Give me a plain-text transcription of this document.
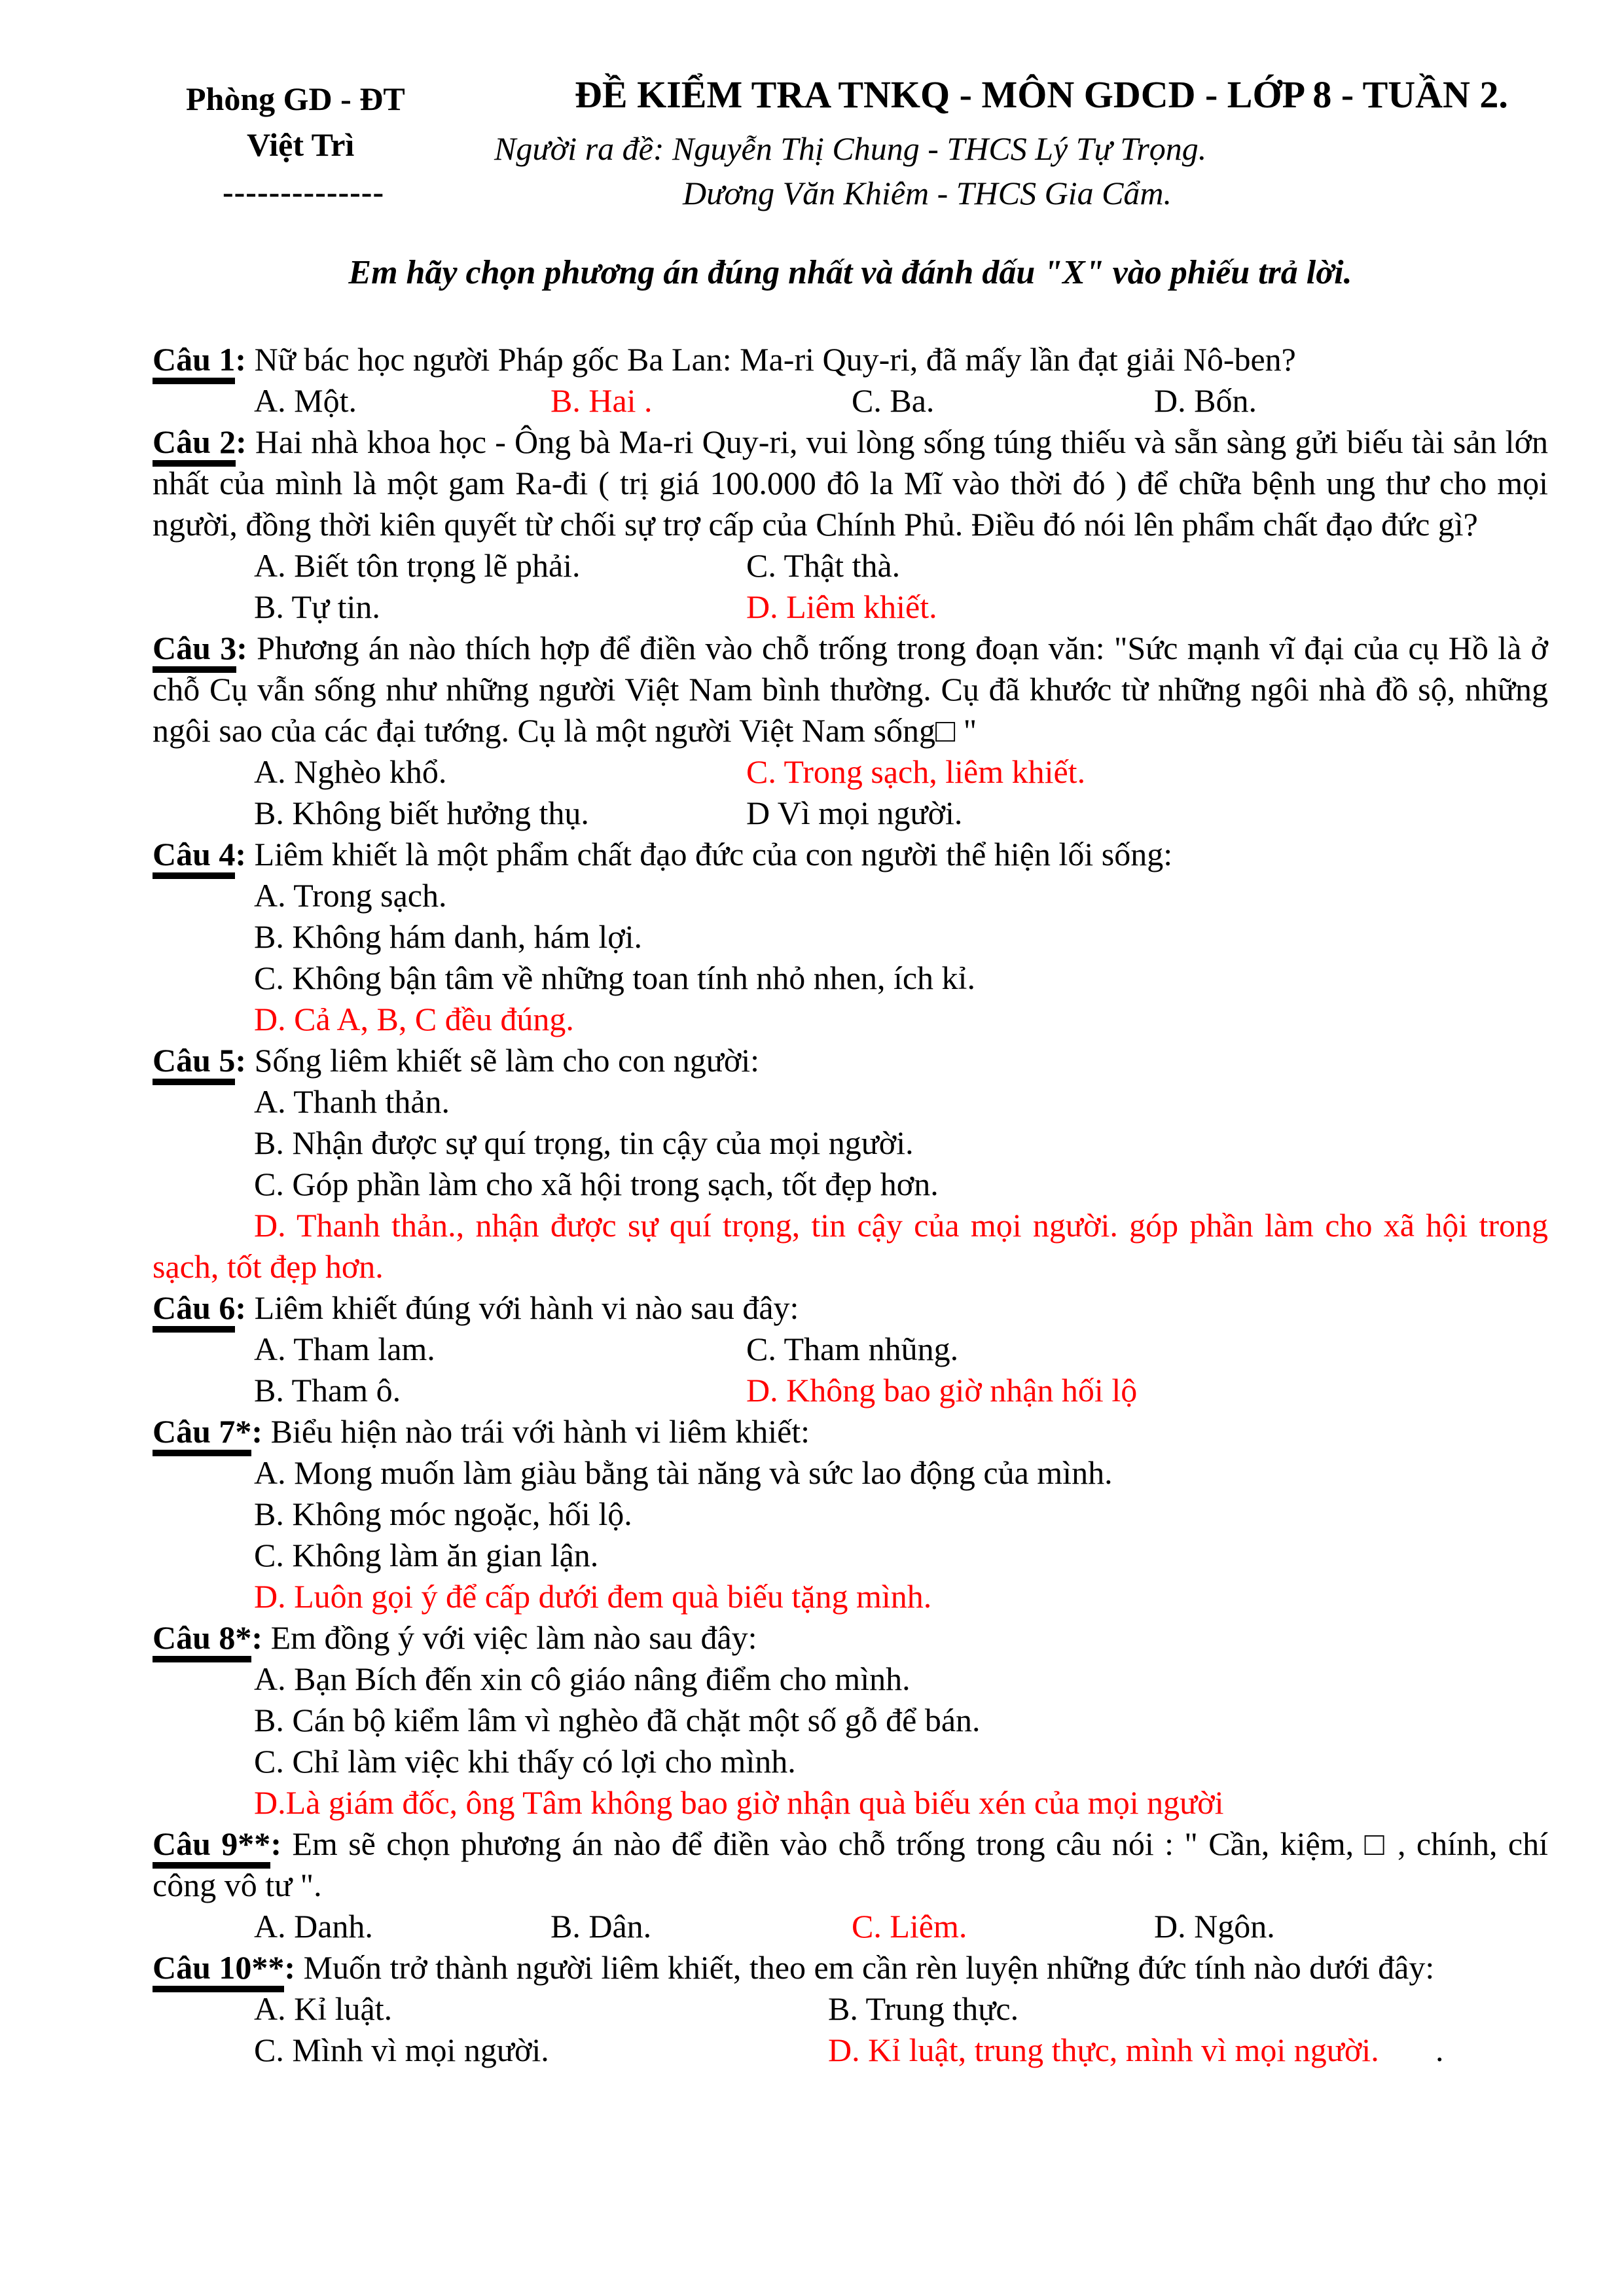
Phòng GD - ĐT
Việt Trì
--------------
ĐỀ KIỂM TRA TNKQ - MÔN GDCD - LỚP 8 - TUẦN 2.
Người ra đề: Nguyễn Thị Chung - THCS Lý Tự Trọng.
Dương Văn Khiêm - THCS Gia Cẩm.
Em hãy chọn phương án đúng nhất và đánh dấu "X" vào phiếu trả lời.

Câu 1: Nữ bác học người Pháp gốc Ba Lan: Ma-ri Quy-ri, đã mấy lần đạt giải Nô-ben?

A. Một.	B. Hai .	C. Ba.	D. Bốn.

Câu 2: Hai nhà khoa học - Ông bà Ma-ri Quy-ri, vui lòng sống túng thiếu và sẵn sàng gửi biếu tài sản lớn nhất của mình là một gam Ra-đi ( trị giá 100.000 đô la Mĩ vào thời đó ) để chữa bệnh ung thư cho mọi người, đồng thời kiên quyết từ chối sự trợ cấp của Chính Phủ. Điều đó nói lên phẩm chất đạo đức gì?

A. Biết tôn trọng lẽ phải.	C. Thật thà.
B. Tự tin.	D. Liêm khiết.

Câu 3: Phương án nào thích hợp để điền vào chỗ trống trong đoạn văn: "Sức mạnh vĩ đại của cụ Hồ là ở chỗ Cụ vẫn sống như những người Việt Nam bình thường. Cụ đã khước từ những ngôi nhà đồ sộ, những ngôi sao của các đại tướng. Cụ là một người Việt Nam sống□ "

A. Nghèo khổ.	C. Trong sạch, liêm khiết.
B. Không biết hưởng thụ.	D Vì mọi người.

Câu 4: Liêm khiết là một phẩm chất đạo đức của con người thể hiện lối sống:

A. Trong sạch.

B. Không hám danh, hám lợi.

C. Không bận tâm về những toan tính nhỏ nhen, ích kỉ.

D. Cả A, B, C đều đúng.

Câu 5: Sống liêm khiết sẽ làm cho con người:

A. Thanh thản.

B. Nhận được sự quí trọng, tin cậy của mọi người.

C. Góp phần làm cho xã hội trong sạch, tốt đẹp hơn.

D. Thanh thản., nhận được sự quí trọng, tin cậy của mọi người. góp phần làm cho xã hội trong sạch, tốt đẹp hơn.

Câu 6: Liêm khiết đúng với hành vi nào sau đây:

A. Tham lam.	C. Tham nhũng.
B. Tham ô.	D. Không bao giờ nhận hối lộ

Câu 7*: Biểu hiện nào trái với hành vi liêm khiết:

A. Mong muốn làm giàu bằng tài năng và sức lao động của mình.

B. Không móc ngoặc, hối lộ.

C. Không làm ăn gian lận.

D. Luôn gọi ý để cấp dưới đem quà biếu tặng mình.

Câu 8*: Em đồng ý với việc làm nào sau đây:

A. Bạn Bích đến xin cô giáo nâng điểm cho mình.

B. Cán bộ kiểm lâm vì nghèo đã chặt một số gỗ để bán.

C. Chỉ làm việc khi thấy có lợi cho mình.

D.Là giám đốc, ông Tâm không bao giờ nhận quà biếu xén của mọi người

Câu 9**: Em sẽ chọn phương án nào để điền vào chỗ trống trong câu nói : " Cần, kiệm, □ , chính, chí công vô tư ".

A. Danh.	B. Dân.	C. Liêm.	D. Ngôn.

Câu 10**: Muốn trở thành người liêm khiết, theo em cần rèn luyện những đức tính nào dưới đây:

A. Kỉ luật.	B. Trung thực.
C. Mình vì mọi người.	D. Kỉ luật, trung thực, mình vì mọi người. .
